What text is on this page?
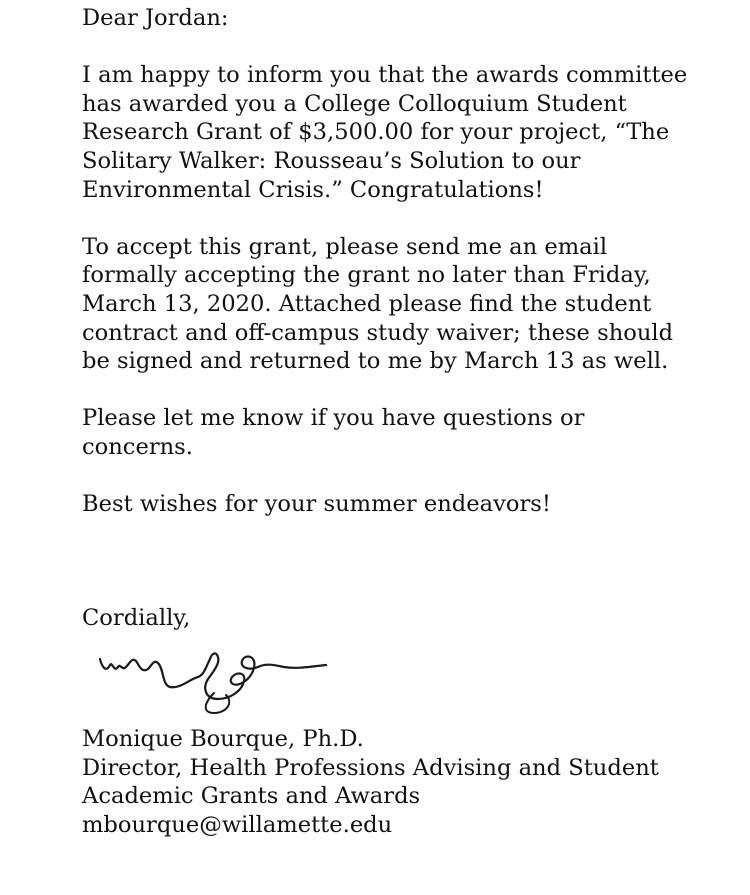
Dear Jordan:

I am happy to inform you that the awards committee
has awarded you a College Colloquium Student
Research Grant of $3,500.00 for your project, “The
Solitary Walker: Rousseau’s Solution to our
Environmental Crisis.” Congratulations!

To accept this grant, please send me an email
formally accepting the grant no later than Friday,
March 13, 2020. Attached please find the student
contract and off-campus study waiver; these should
be signed and returned to me by March 13 as well.

Please let me know if you have questions or
concerns.

Best wishes for your summer endeavors!

Cordially,

Monique Bourque, Ph.D.
Director, Health Professions Advising and Student
Academic Grants and Awards
mbourque@willamette.edu
